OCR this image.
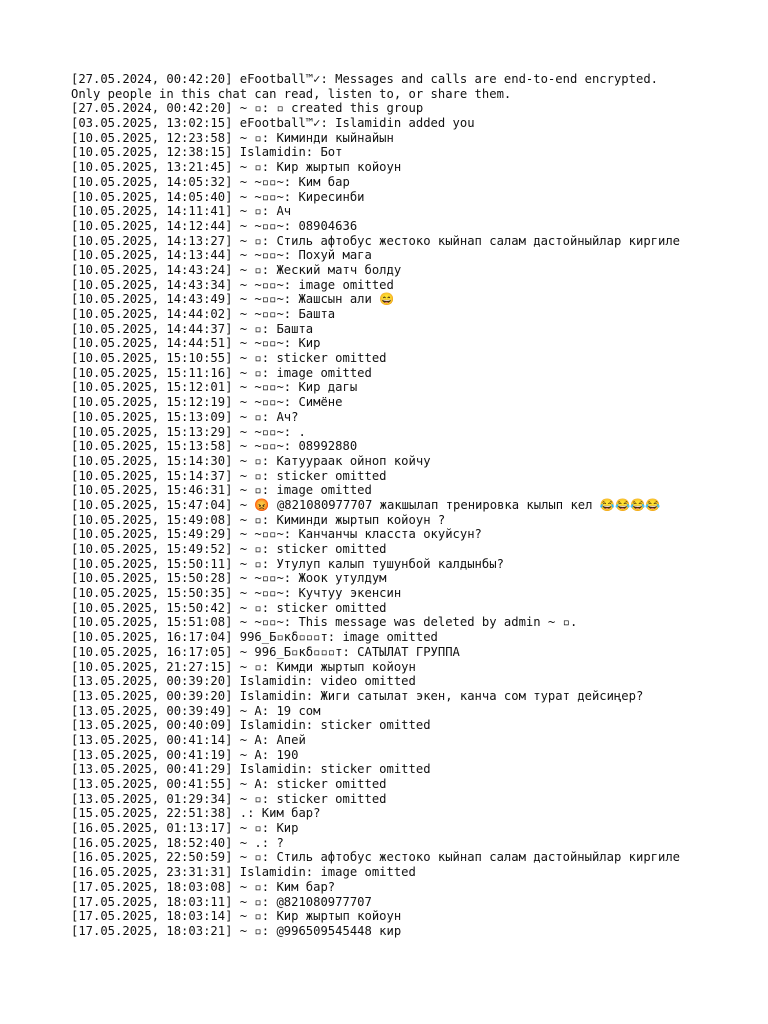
[27.05.2024, 00:42:20] eFootball™✓: Messages and calls are end-to-end encrypted.
Only people in this chat can read, listen to, or share them.
[27.05.2024, 00:42:20] ~ ▫: ▫ created this group
[03.05.2025, 13:02:15] eFootball™✓: Islamidin added you
[10.05.2025, 12:23:58] ~ ▫: Киминди кыйнайын
[10.05.2025, 12:38:15] Islamidin: Бот
[10.05.2025, 13:21:45] ~ ▫: Кир жыртып койоун
[10.05.2025, 14:05:32] ~ ~▫▫~: Ким бар
[10.05.2025, 14:05:40] ~ ~▫▫~: Киресинби
[10.05.2025, 14:11:41] ~ ▫: Ач
[10.05.2025, 14:12:44] ~ ~▫▫~: 08904636
[10.05.2025, 14:13:27] ~ ▫: Стиль афтобус жестоко кыйнап салам дастойныйлар киргиле
[10.05.2025, 14:13:44] ~ ~▫▫~: Похуй мага
[10.05.2025, 14:43:24] ~ ▫: Жеский матч болду
[10.05.2025, 14:43:34] ~ ~▫▫~: image omitted
[10.05.2025, 14:43:49] ~ ~▫▫~: Жашсын али 😄
[10.05.2025, 14:44:02] ~ ~▫▫~: Башта
[10.05.2025, 14:44:37] ~ ▫: Башта
[10.05.2025, 14:44:51] ~ ~▫▫~: Кир
[10.05.2025, 15:10:55] ~ ▫: sticker omitted
[10.05.2025, 15:11:16] ~ ▫: image omitted
[10.05.2025, 15:12:01] ~ ~▫▫~: Кир дагы
[10.05.2025, 15:12:19] ~ ~▫▫~: Симёне
[10.05.2025, 15:13:09] ~ ▫: Ач?
[10.05.2025, 15:13:29] ~ ~▫▫~: .
[10.05.2025, 15:13:58] ~ ~▫▫~: 08992880
[10.05.2025, 15:14:30] ~ ▫: Катуураак ойноп койчу
[10.05.2025, 15:14:37] ~ ▫: sticker omitted
[10.05.2025, 15:46:31] ~ ▫: image omitted
[10.05.2025, 15:47:04] ~ 😡 @821080977707 жакшылап тренировка кылып кел 😂😂😂😂
[10.05.2025, 15:49:08] ~ ▫: Киминди жыртып койоун ?
[10.05.2025, 15:49:29] ~ ~▫▫~: Канчанчы класста окуйсун?
[10.05.2025, 15:49:52] ~ ▫: sticker omitted
[10.05.2025, 15:50:11] ~ ▫: Утулуп калып тушунбой калдынбы?
[10.05.2025, 15:50:28] ~ ~▫▫~: Жоок утулдум
[10.05.2025, 15:50:35] ~ ~▫▫~: Кучтуу экенсин
[10.05.2025, 15:50:42] ~ ▫: sticker omitted
[10.05.2025, 15:51:08] ~ ~▫▫~: This message was deleted by admin ~ ▫.
[10.05.2025, 16:17:04] 996_Б▫кδ▫▫▫т: image omitted
[10.05.2025, 16:17:05] ~ 996_Б▫кδ▫▫▫т: САТЫЛАТ ГРУППА
[10.05.2025, 21:27:15] ~ ▫: Кимди жыртып койоун
[13.05.2025, 00:39:20] Islamidin: video omitted
[13.05.2025, 00:39:20] Islamidin: Жиги сатылат экен, канча сом турат дейсиңер?
[13.05.2025, 00:39:49] ~ A: 19 сом
[13.05.2025, 00:40:09] Islamidin: sticker omitted
[13.05.2025, 00:41:14] ~ A: Апей
[13.05.2025, 00:41:19] ~ A: 190
[13.05.2025, 00:41:29] Islamidin: sticker omitted
[13.05.2025, 00:41:55] ~ A: sticker omitted
[13.05.2025, 01:29:34] ~ ▫: sticker omitted
[15.05.2025, 22:51:38] .: Ким бар?
[16.05.2025, 01:13:17] ~ ▫: Кир
[16.05.2025, 18:52:40] ~ .: ?
[16.05.2025, 22:50:59] ~ ▫: Стиль афтобус жестоко кыйнап салам дастойныйлар киргиле
[16.05.2025, 23:31:31] Islamidin: image omitted
[17.05.2025, 18:03:08] ~ ▫: Ким бар?
[17.05.2025, 18:03:11] ~ ▫: @821080977707
[17.05.2025, 18:03:14] ~ ▫: Кир жыртып койоун
[17.05.2025, 18:03:21] ~ ▫: @996509545448 кир
